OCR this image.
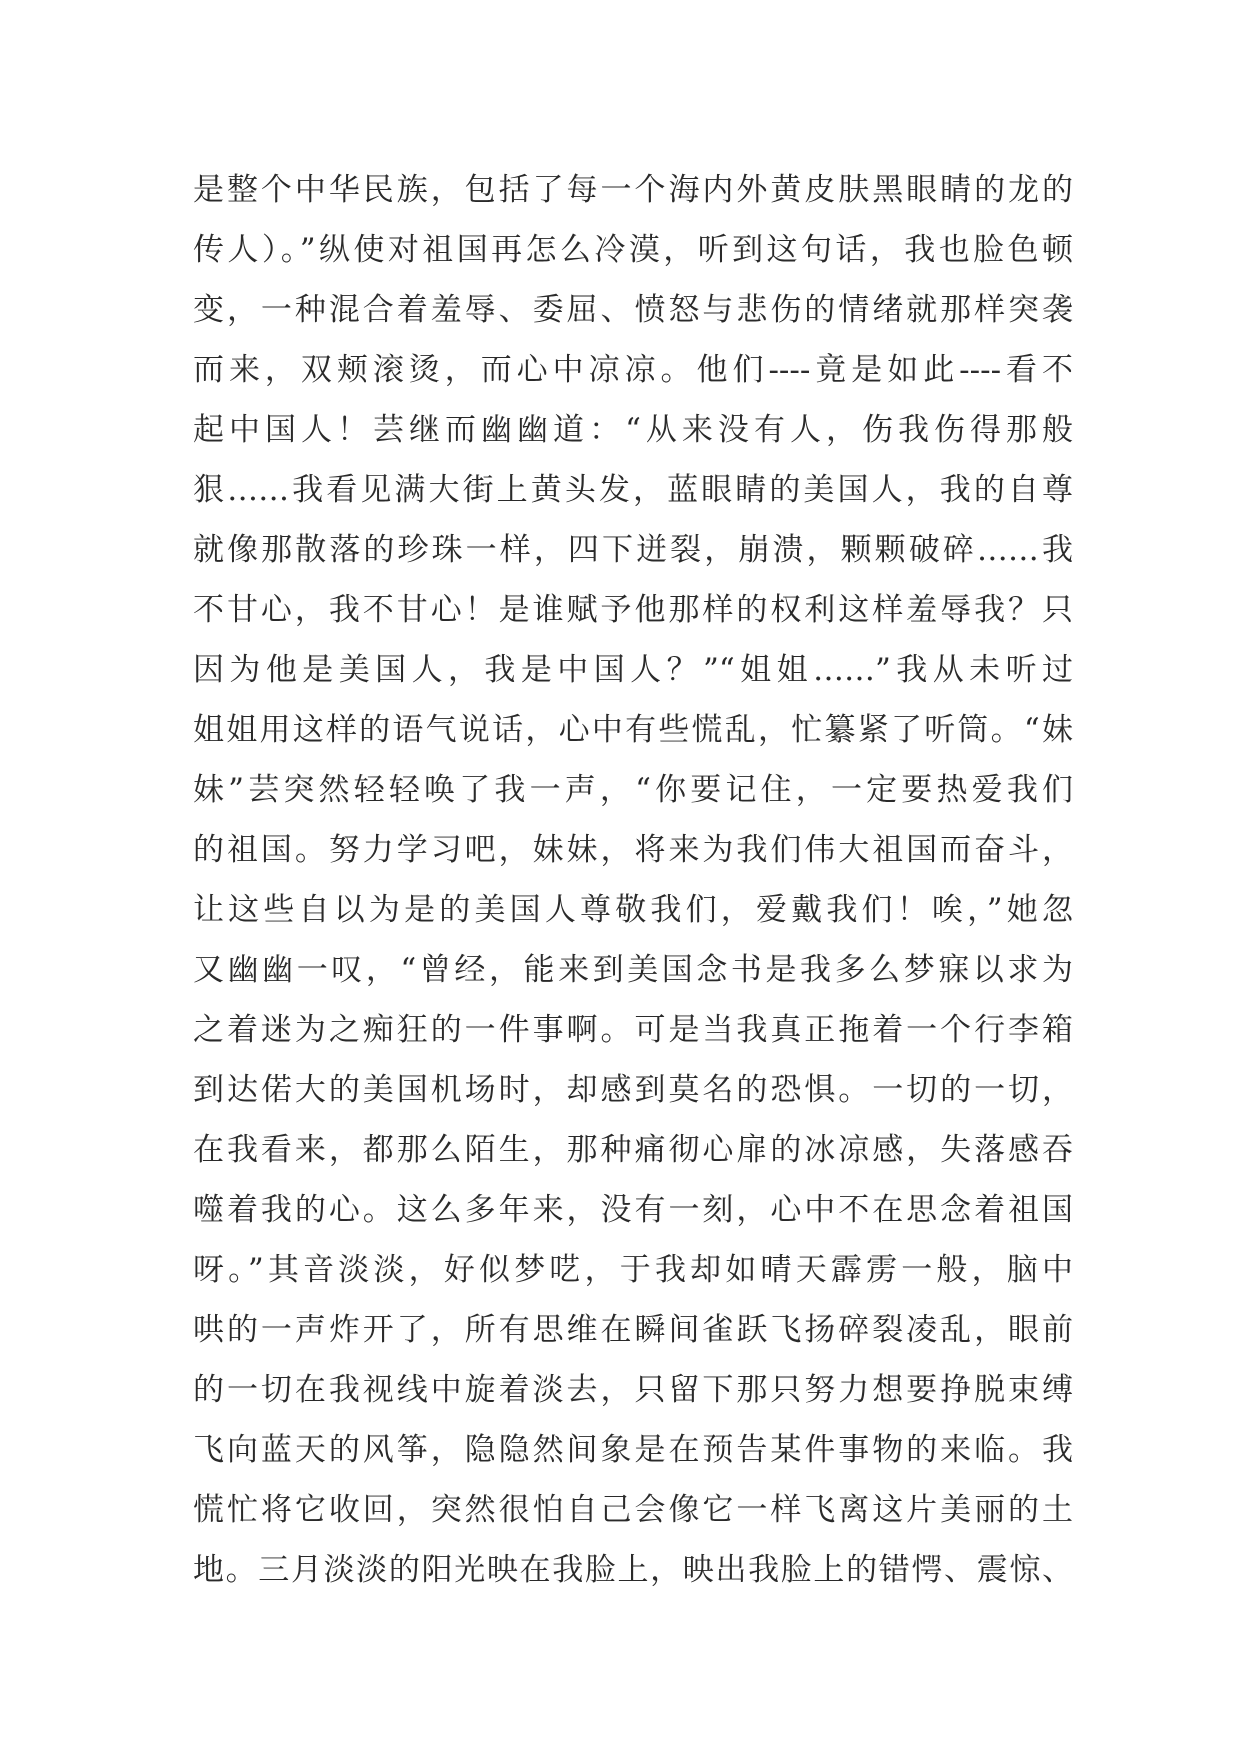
是整个中华民族，包括了每一个海内外黄皮肤黑眼睛的龙的
传人）。”纵使对祖国再怎么冷漠，听到这句话，我也脸色顿
变，一种混合着羞辱、委屈、愤怒与悲伤的情绪就那样突袭
而来，双颊滚烫，而心中凉凉。他们----竟是如此----看不
起中国人！芸继而幽幽道：“从来没有人，伤我伤得那般
狠……我看见满大街上黄头发，蓝眼睛的美国人，我的自尊
就像那散落的珍珠一样，四下迸裂，崩溃，颗颗破碎……我
不甘心，我不甘心！是谁赋予他那样的权利这样羞辱我？只
因为他是美国人，我是中国人？”“姐姐……”我从未听过
姐姐用这样的语气说话，心中有些慌乱，忙纂紧了听筒。“妹
妹”芸突然轻轻唤了我一声，“你要记住，一定要热爱我们
的祖国。努力学习吧，妹妹，将来为我们伟大祖国而奋斗，
让这些自以为是的美国人尊敬我们，爱戴我们！唉，”她忽
又幽幽一叹，“曾经，能来到美国念书是我多么梦寐以求为
之着迷为之痴狂的一件事啊。可是当我真正拖着一个行李箱
到达偌大的美国机场时，却感到莫名的恐惧。一切的一切，
在我看来，都那么陌生，那种痛彻心扉的冰凉感，失落感吞
噬着我的心。这么多年来，没有一刻，心中不在思念着祖国
呀。”其音淡淡，好似梦呓，于我却如晴天霹雳一般，脑中
哄的一声炸开了，所有思维在瞬间雀跃飞扬碎裂凌乱，眼前
的一切在我视线中旋着淡去，只留下那只努力想要挣脱束缚
飞向蓝天的风筝，隐隐然间象是在预告某件事物的来临。我
慌忙将它收回，突然很怕自己会像它一样飞离这片美丽的土
地。三月淡淡的阳光映在我脸上，映出我脸上的错愕、震惊、
